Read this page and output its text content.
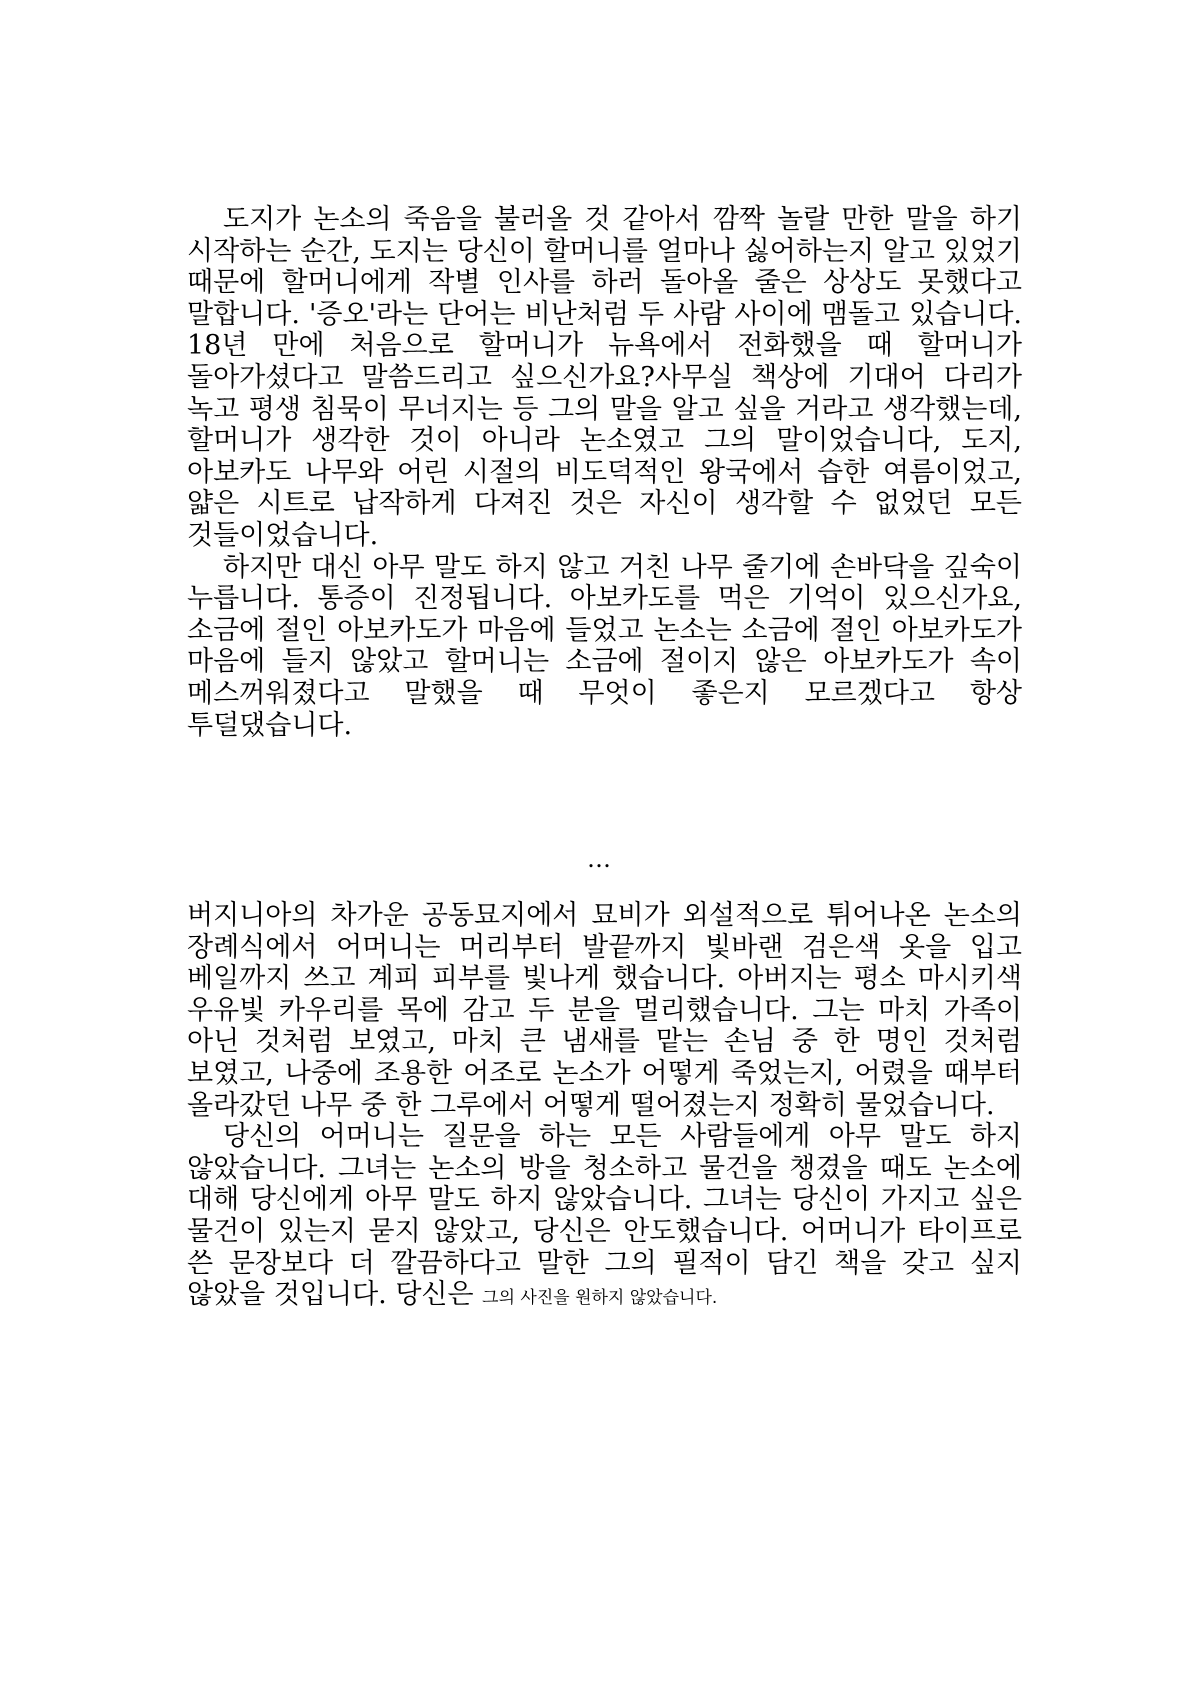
도지가 논소의 죽음을 불러올 것 같아서 깜짝 놀랄 만한 말을 하기 시작하는 순간, 도지는 당신이 할머니를 얼마나 싫어하는지 알고 있었기 때문에 할머니에게 작별 인사를 하러 돌아올 줄은 상상도 못했다고 말합니다. '증오'라는 단어는 비난처럼 두 사람 사이에 맴돌고 있습니다. 18년 만에 처음으로 할머니가 뉴욕에서 전화했을 때 할머니가 돌아가셨다고 말씀드리고 싶으신가요?사무실 책상에 기대어 다리가 녹고 평생 침묵이 무너지는 등 그의 말을 알고 싶을 거라고 생각했는데, 할머니가 생각한 것이 아니라 논소였고 그의 말이었습니다, 도지, 아보카도 나무와 어린 시절의 비도덕적인 왕국에서 습한 여름이었고, 얇은 시트로 납작하게 다져진 것은 자신이 생각할 수 없었던 모든 것들이었습니다.

하지만 대신 아무 말도 하지 않고 거친 나무 줄기에 손바닥을 깊숙이 누릅니다. 통증이 진정됩니다. 아보카도를 먹은 기억이 있으신가요, 소금에 절인 아보카도가 마음에 들었고 논소는 소금에 절인 아보카도가 마음에 들지 않았고 할머니는 소금에 절이지 않은 아보카도가 속이 메스꺼워졌다고 말했을 때 무엇이 좋은지 모르겠다고 항상 투덜댔습니다.

…

버지니아의 차가운 공동묘지에서 묘비가 외설적으로 튀어나온 논소의 장례식에서 어머니는 머리부터 발끝까지 빛바랜 검은색 옷을 입고 베일까지 쓰고 계피 피부를 빛나게 했습니다. 아버지는 평소 마시키색 우유빛 카우리를 목에 감고 두 분을 멀리했습니다. 그는 마치 가족이 아닌 것처럼 보였고, 마치 큰 냄새를 맡는 손님 중 한 명인 것처럼 보였고, 나중에 조용한 어조로 논소가 어떻게 죽었는지, 어렸을 때부터 올라갔던 나무 중 한 그루에서 어떻게 떨어졌는지 정확히 물었습니다.

당신의 어머니는 질문을 하는 모든 사람들에게 아무 말도 하지 않았습니다. 그녀는 논소의 방을 청소하고 물건을 챙겼을 때도 논소에 대해 당신에게 아무 말도 하지 않았습니다. 그녀는 당신이 가지고 싶은 물건이 있는지 묻지 않았고, 당신은 안도했습니다. 어머니가 타이프로 쓴 문장보다 더 깔끔하다고 말한 그의 필적이 담긴 책을 갖고 싶지 않았을 것입니다. 당신은 그의 사진을 원하지 않았습니다.
